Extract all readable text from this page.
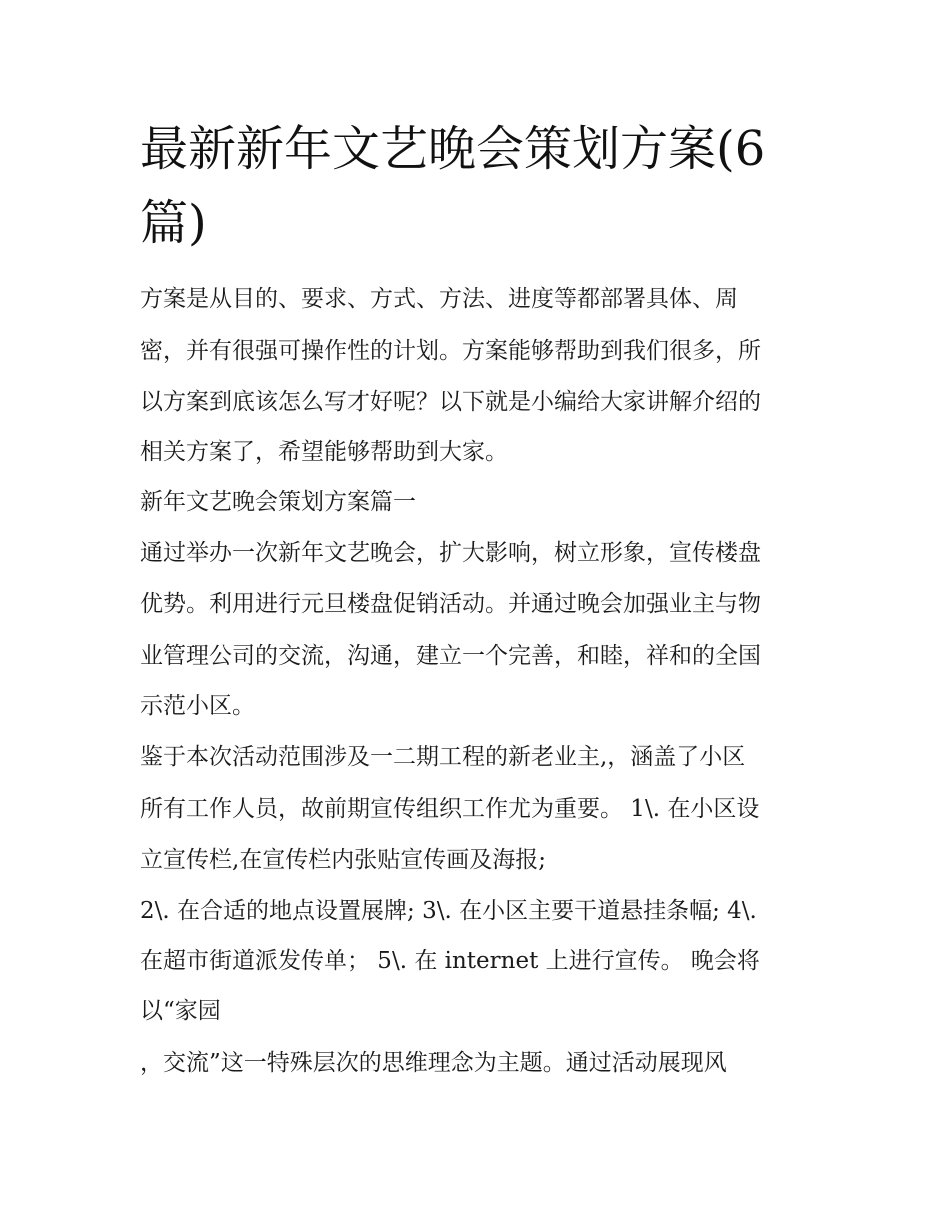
最新新年文艺晚会策划方案(6篇)

方案是从目的、要求、方式、方法、进度等都部署具体、周

密，并有很强可操作性的计划。方案能够帮助到我们很多，所

以方案到底该怎么写才好呢？以下就是小编给大家讲解介绍的

相关方案了，希望能够帮助到大家。

新年文艺晚会策划方案篇一

通过举办一次新年文艺晚会，扩大影响，树立形象，宣传楼盘

优势。利用进行元旦楼盘促销活动。并通过晚会加强业主与物

业管理公司的交流，沟通，建立一个完善，和睦，祥和的全国

示范小区。

鉴于本次活动范围涉及一二期工程的新老业主,，涵盖了小区

所有工作人员，故前期宣传组织工作尤为重要。 1\. 在小区设

立宣传栏,在宣传栏内张贴宣传画及海报;

2\. 在合适的地点设置展牌; 3\. 在小区主要干道悬挂条幅; 4\.

在超市街道派发传单； 5\. 在 internet 上进行宣传。 晚会将

以“家园

，交流”这一特殊层次的思维理念为主题。通过活动展现风
